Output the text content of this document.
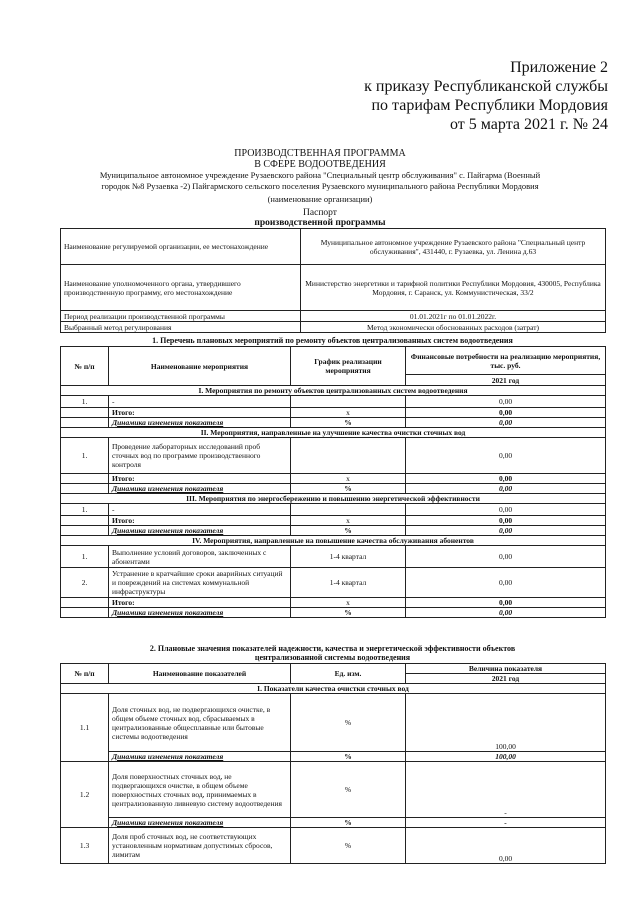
Приложение 2
к приказу Республиканской службы
по тарифам Республики Мордовия
от 5 марта 2021 г. № 24
ПРОИЗВОДСТВЕННАЯ ПРОГРАММА
В СФЕРЕ ВОДООТВЕДЕНИЯ
Муниципальное автономное учреждение Рузаевского района "Специальный центр обслуживания" с. Пайгарма (Военный
городок №8 Рузаевка -2) Пайгармского сельского поселения Рузаевского муниципального района Республики Мордовия
(наименование организации)
Паспорт
производственной программы
Наименование регулируемой организации, ее местонахождение	Муниципальное автономное учреждение Рузаевского района "Специальный центр обслуживания", 431440, г. Рузаевка, ул. Ленина д.63
Наименование уполномоченного органа, утвердившего производственную программу, его местонахождение	Министерство энергетики и тарифной политики Республики Мордовия, 430005, Республика Мордовия, г. Саранск, ул. Коммунистическая, 33/2
Период реализации производственной программы	01.01.2021г по 01.01.2022г.
Выбранный метод регулирования	Метод экономически обоснованных расходов (затрат)
1. Перечень плановых мероприятий по ремонту объектов централизованных систем водоотведения
№ п/п	Наименование мероприятия	График реализации мероприятия	Финансовые потребности на реализацию мероприятия, тыс. руб.
			2021 год
I. Мероприятия по ремонту объектов централизованных систем водоотведения			
1.	-		0,00
	Итого:	x	0,00
	Динамика изменения показателя	%	0,00
II. Мероприятия, направленные на улучшение качества очистки сточных вод			
1.	Проведение лабораторных исследований проб сточных вод по программе производственного контроля		0,00
	Итого:	x	0,00
	Динамика изменения показателя	%	0,00
III. Мероприятия по энергосбережению и повышению энергетической эффективности			
1.	-		0,00
	Итого:	x	0,00
	Динамика изменения показателя	%	0,00
IV. Мероприятия, направленные на повышение качества обслуживания абонентов			
1.	Выполнение условий договоров, заключенных с абонентами	1-4 квартал	0,00
2.	Устранение в кратчайшие сроки аварийных ситуаций и повреждений на системах коммунальной инфраструктуры	1-4 квартал	0,00
	Итого:	x	0,00
	Динамика изменения показателя	%	0,00
2. Плановые значения показателей надежности, качества и энергетической эффективности объектов
централизованной системы водоотведения
№ п/п	Наименование показателей	Ед. изм.	Величина показателя
			2021 год
I. Показатели качества очистки сточных вод			
1.1	Доля сточных вод, не подвергающихся очистке, в общем объеме сточных вод, сбрасываемых в централизованные общесплавные или бытовые системы водоотведения	%	100,00
	Динамика изменения показателя	%	100,00
1.2	Доля поверхностных сточных вод, не подвергающихся очистке, в общем объеме поверхностных сточных вод, принимаемых в централизованную ливневую систему водоотведения	%	-
	Динамика изменения показателя	%	-
1.3	Доля проб сточных вод, не соответствующих установленным нормативам допустимых сбросов, лимитам	%	0,00
